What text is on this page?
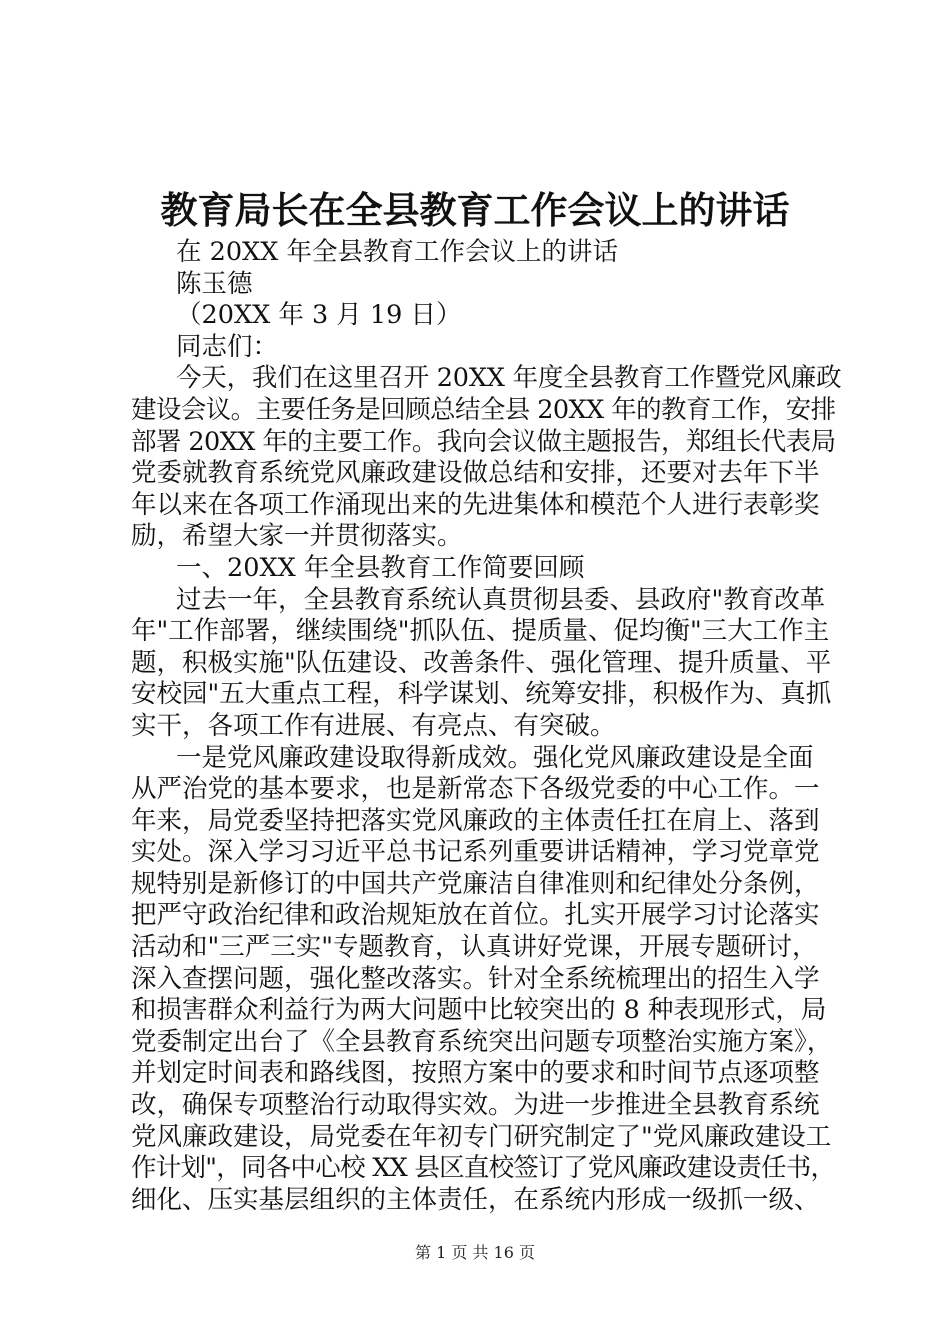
教育局长在全县教育工作会议上的讲话
在 20XX 年全县教育工作会议上的讲话
陈玉德
（20XX 年 3 月 19 日）
同志们：
今天，我们在这里召开 20XX 年度全县教育工作暨党风廉政
建设会议。主要任务是回顾总结全县 20XX 年的教育工作，安排
部署 20XX 年的主要工作。我向会议做主题报告，郑组长代表局
党委就教育系统党风廉政建设做总结和安排，还要对去年下半
年以来在各项工作涌现出来的先进集体和模范个人进行表彰奖
励，希望大家一并贯彻落实。
一、20XX 年全县教育工作简要回顾
过去一年，全县教育系统认真贯彻县委、县政府"教育改革
年"工作部署，继续围绕"抓队伍、提质量、促均衡"三大工作主
题，积极实施"队伍建设、改善条件、强化管理、提升质量、平
安校园"五大重点工程，科学谋划、统筹安排，积极作为、真抓
实干，各项工作有进展、有亮点、有突破。
一是党风廉政建设取得新成效。强化党风廉政建设是全面
从严治党的基本要求，也是新常态下各级党委的中心工作。一
年来，局党委坚持把落实党风廉政的主体责任扛在肩上、落到
实处。深入学习习近平总书记系列重要讲话精神，学习党章党
规特别是新修订的中国共产党廉洁自律准则和纪律处分条例，
把严守政治纪律和政治规矩放在首位。扎实开展学习讨论落实
活动和"三严三实"专题教育，认真讲好党课，开展专题研讨，
深入查摆问题，强化整改落实。针对全系统梳理出的招生入学
和损害群众利益行为两大问题中比较突出的 8 种表现形式，局
党委制定出台了《全县教育系统突出问题专项整治实施方案》，
并划定时间表和路线图，按照方案中的要求和时间节点逐项整
改，确保专项整治行动取得实效。为进一步推进全县教育系统
党风廉政建设，局党委在年初专门研究制定了"党风廉政建设工
作计划"，同各中心校 XX 县区直校签订了党风廉政建设责任书，
细化、压实基层组织的主体责任，在系统内形成一级抓一级、
第 1 页 共 16 页
